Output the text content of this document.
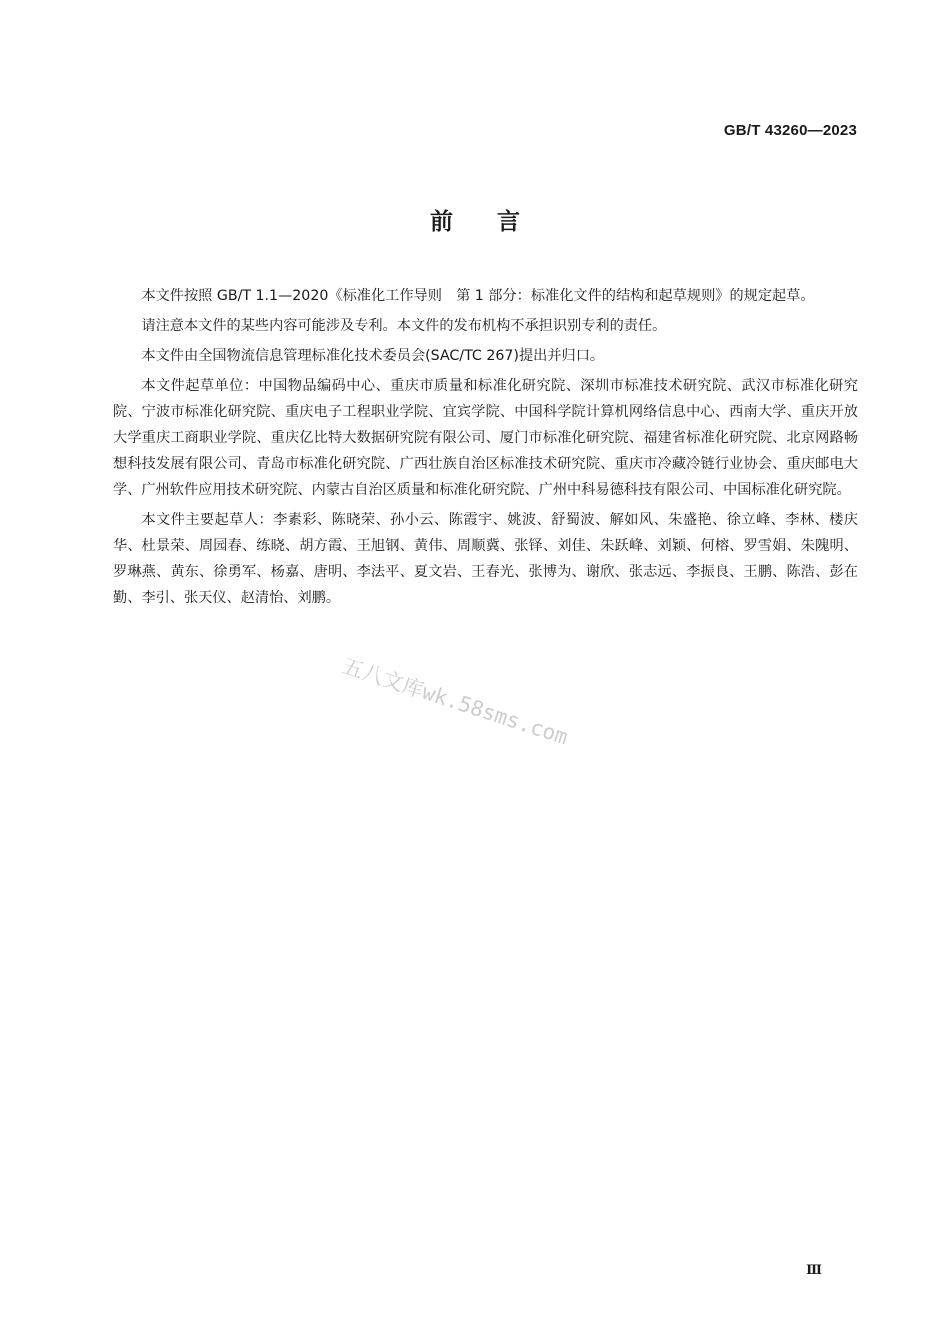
GB/T 43260—2023
前言

本文件按照 GB/T 1.1—2020《标准化工作导则　第 1 部分：标准化文件的结构和起草规则》的规定起草。

请注意本文件的某些内容可能涉及专利。本文件的发布机构不承担识别专利的责任。

本文件由全国物流信息管理标准化技术委员会(SAC/TC 267)提出并归口。

本文件起草单位：中国物品编码中心、重庆市质量和标准化研究院、深圳市标准技术研究院、武汉市标准化研究院、宁波市标准化研究院、重庆电子工程职业学院、宜宾学院、中国科学院计算机网络信息中心、西南大学、重庆开放大学重庆工商职业学院、重庆亿比特大数据研究院有限公司、厦门市标准化研究院、福建省标准化研究院、北京网路畅想科技发展有限公司、青岛市标准化研究院、广西壮族自治区标准技术研究院、重庆市冷藏冷链行业协会、重庆邮电大学、广州软件应用技术研究院、内蒙古自治区质量和标准化研究院、广州中科易德科技有限公司、中国标准化研究院。

本文件主要起草人：李素彩、陈晓荣、孙小云、陈霞宇、姚波、舒蜀波、解如风、朱盛艳、徐立峰、李林、楼庆华、杜景荣、周园春、练晓、胡方霞、王旭钢、黄伟、周顺冀、张铎、刘佳、朱跃峰、刘颖、何榕、罗雪娟、朱隗明、罗琳燕、黄东、徐勇军、杨嘉、唐明、李法平、夏文岩、王春光、张博为、谢欣、张志远、李振良、王鹏、陈浩、彭在勤、李引、张天仪、赵清怡、刘鹏。

五八文库wk.58sms.com
Ⅲ
